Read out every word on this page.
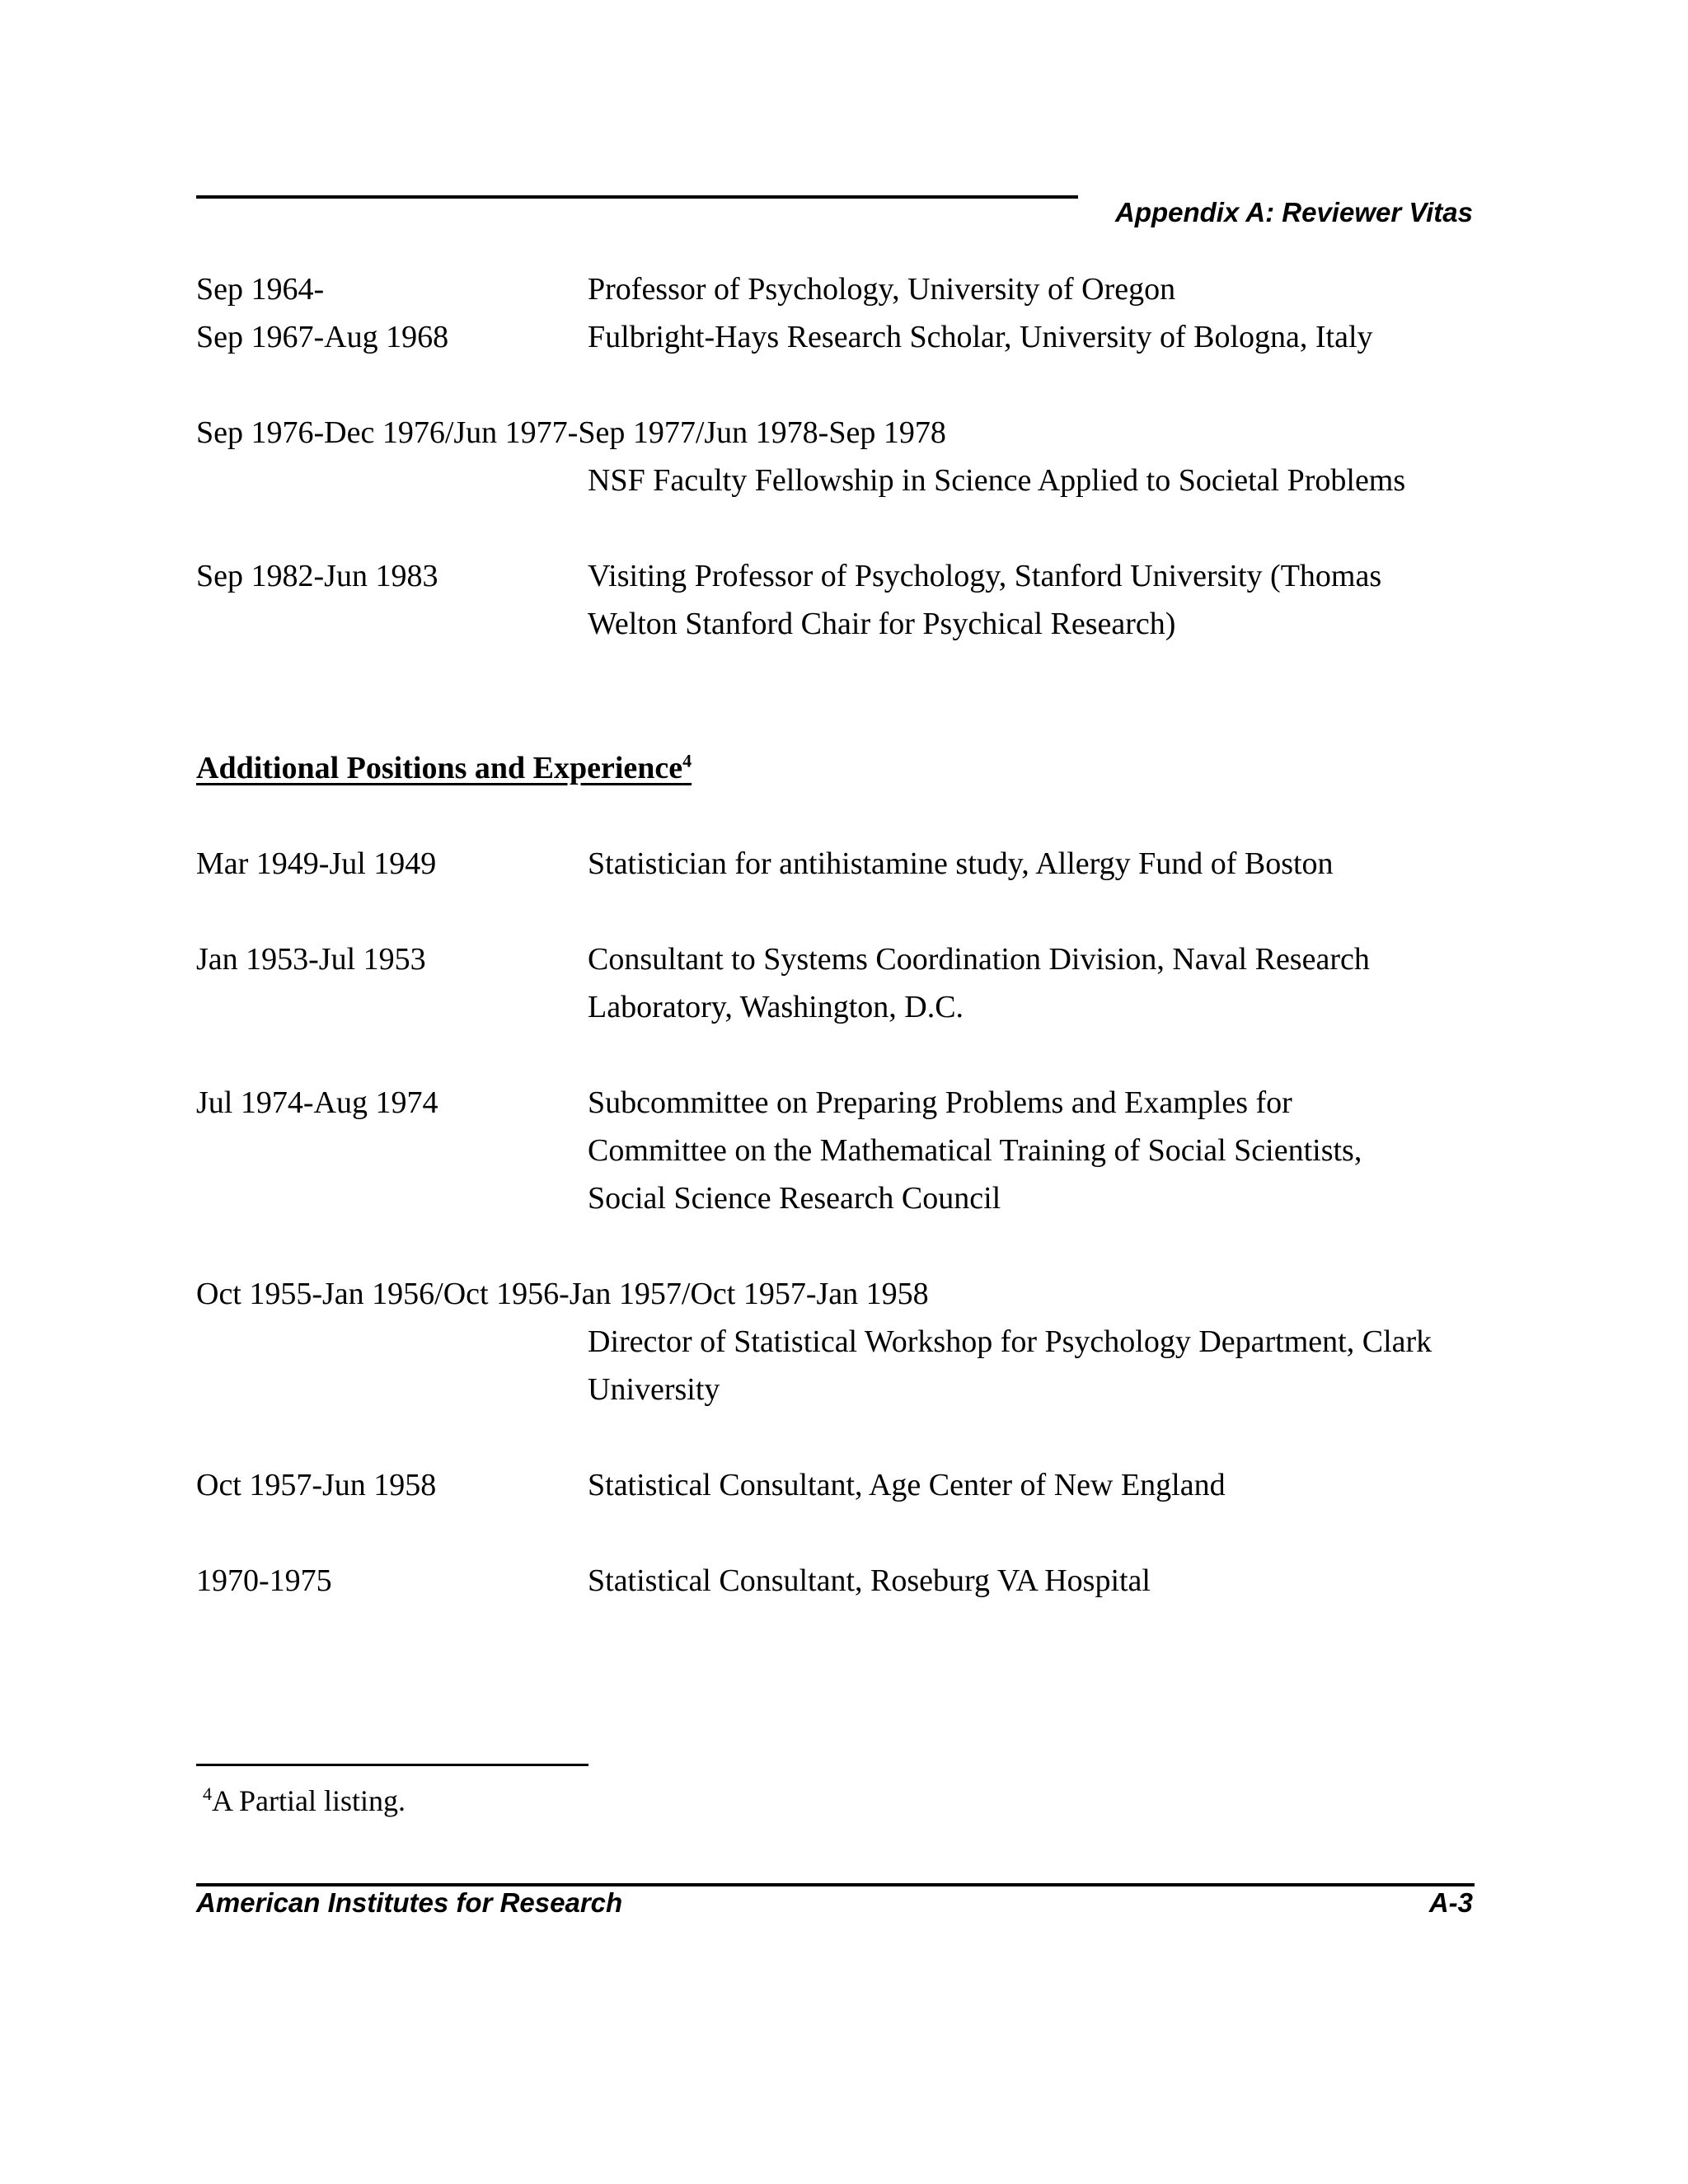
Appendix A: Reviewer Vitas
Sep 1964-	Professor of Psychology, University of Oregon
Sep 1967-Aug 1968	Fulbright-Hays Research Scholar, University of Bologna, Italy
Sep 1976-Dec 1976/Jun 1977-Sep 1977/Jun 1978-Sep 1978
NSF Faculty Fellowship in Science Applied to Societal Problems
Sep 1982-Jun 1983	Visiting Professor of Psychology, Stanford University (Thomas
Welton Stanford Chair for Psychical Research)
Additional Positions and Experience$^4$
Mar 1949-Jul 1949	Statistician for antihistamine study, Allergy Fund of Boston
Jan 1953-Jul 1953	Consultant to Systems Coordination Division, Naval Research
Laboratory, Washington, D.C.
Jul 1974-Aug 1974	Subcommittee on Preparing Problems and Examples for
Committee on the Mathematical Training of Social Scientists,
Social Science Research Council
Oct 1955-Jan 1956/Oct 1956-Jan 1957/Oct 1957-Jan 1958
Director of Statistical Workshop for Psychology Department, Clark
University
Oct 1957-Jun 1958	Statistical Consultant, Age Center of New England
1970-1975	Statistical Consultant, Roseburg VA Hospital
$^4$A Partial listing.
American Institutes for Research	A-3
